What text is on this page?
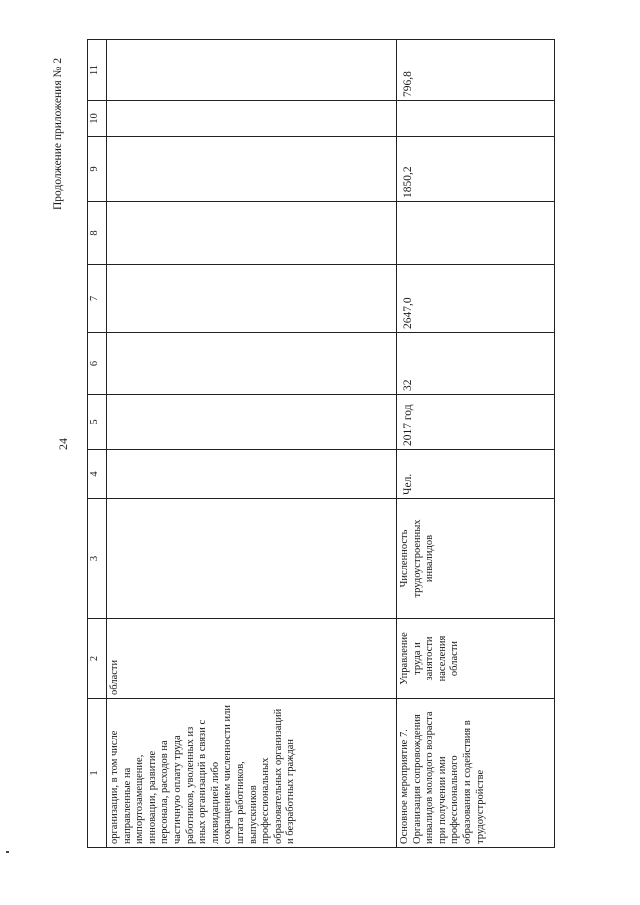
Продолжение приложения № 2
24
1	2	3	4	5	6	7	8	9	10	11
организации, в том числе направленные на импортозамещение, инновации, развитие персонала, расходов на частичную оплату труда работников, уволенных из иных организаций в связи с ликвидацией либо сокращением численности или штата работников, выпускников профессиональных образовательных организаций и безработных граждан	области									
Основное мероприятие 7. Организация сопровождения инвалидов молодого возраста при получении ими профессионального образования и содействия в трудоустройстве	Управление труда и занятости населения области	Численность трудоустроенных инвалидов	Чел.	2017 год	32	2647,0		1850,2		796,8
